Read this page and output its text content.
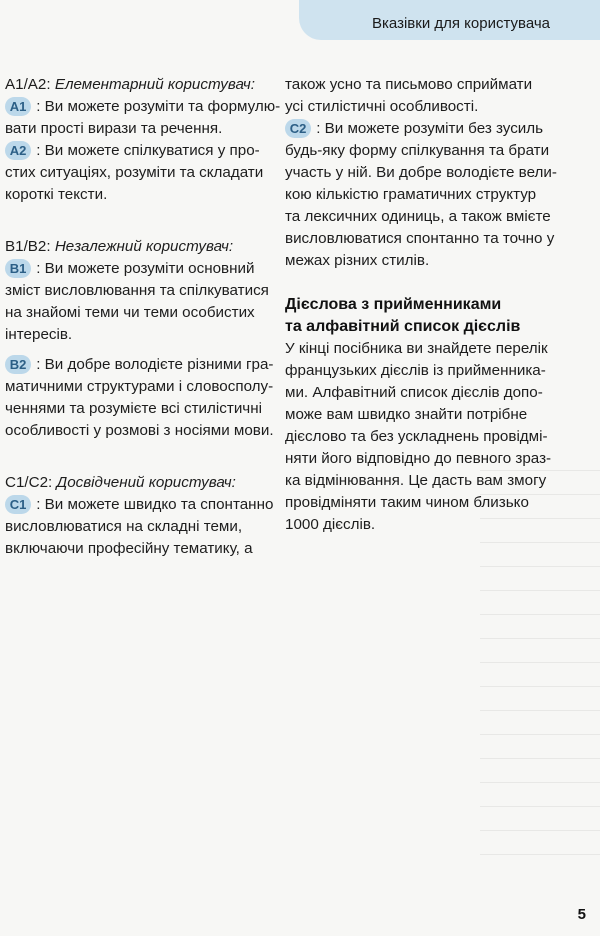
Вказівки для користувача
A1/A2: Елементарний користувач:
A1 : Ви можете розуміти та формулю-
вати прості вирази та речення.
A2 : Ви можете спілкуватися у про-
стих ситуаціях, розуміти та складати
короткі тексти.
B1/B2: Незалежний користувач:
B1 : Ви можете розуміти основний
зміст висловлювання та спілкуватися
на знайомі теми чи теми особистих
інтересів.
B2 : Ви добре володієте різними гра-
матичними структурами і словосполу-
ченнями та розумієте всі стилістичні
особливості у розмові з носіями мови.
C1/C2: Досвідчений користувач:
C1 : Ви можете швидко та спонтанно
висловлюватися на складні теми,
включаючи професійну тематику, а
також усно та письмово сприймати
усі стилістичні особливості.
C2 : Ви можете розуміти без зусиль
будь-яку форму спілкування та брати
участь у ній. Ви добре володієте вели-
кою кількістю граматичних структур
та лексичних одиниць, а також вмієте
висловлюватися спонтанно та точно у
межах різних стилів.
Дієслова з прийменниками
та алфавітний список дієслів
У кінці посібника ви знайдете перелік
французьких дієслів із прийменника-
ми. Алфавітний список дієслів допо-
може вам швидко знайти потрібне
дієслово та без ускладнень провідмі-
няти його відповідно до певного зраз-
ка відмінювання. Це дасть вам змогу
провідміняти таким чином близько
1000 дієслів.
5
